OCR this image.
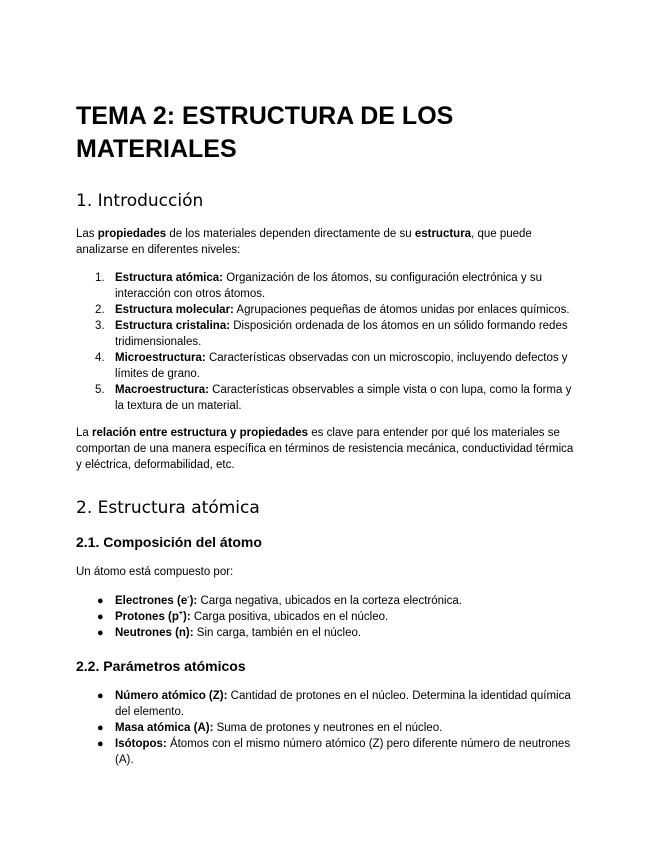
TEMA 2: ESTRUCTURA DE LOS MATERIALES
1. Introducción

Las propiedades de los materiales dependen directamente de su estructura, que puede analizarse en diferentes niveles:

1. Estructura atómica: Organización de los átomos, su configuración electrónica y su interacción con otros átomos.
2. Estructura molecular: Agrupaciones pequeñas de átomos unidas por enlaces químicos.
3. Estructura cristalina: Disposición ordenada de los átomos en un sólido formando redes tridimensionales.
4. Microestructura: Características observadas con un microscopio, incluyendo defectos y límites de grano.
5. Macroestructura: Características observables a simple vista o con lupa, como la forma y la textura de un material.

La relación entre estructura y propiedades es clave para entender por qué los materiales se comportan de una manera específica en términos de resistencia mecánica, conductividad térmica y eléctrica, deformabilidad, etc.

2. Estructura atómica
2.1. Composición del átomo

Un átomo está compuesto por:

● Electrones (e-): Carga negativa, ubicados en la corteza electrónica.
● Protones (p+): Carga positiva, ubicados en el núcleo.
● Neutrones (n): Sin carga, también en el núcleo.
2.2. Parámetros atómicos
● Número atómico (Z): Cantidad de protones en el núcleo. Determina la identidad química del elemento.
● Masa atómica (A): Suma de protones y neutrones en el núcleo.
● Isótopos: Átomos con el mismo número atómico (Z) pero diferente número de neutrones (A).
